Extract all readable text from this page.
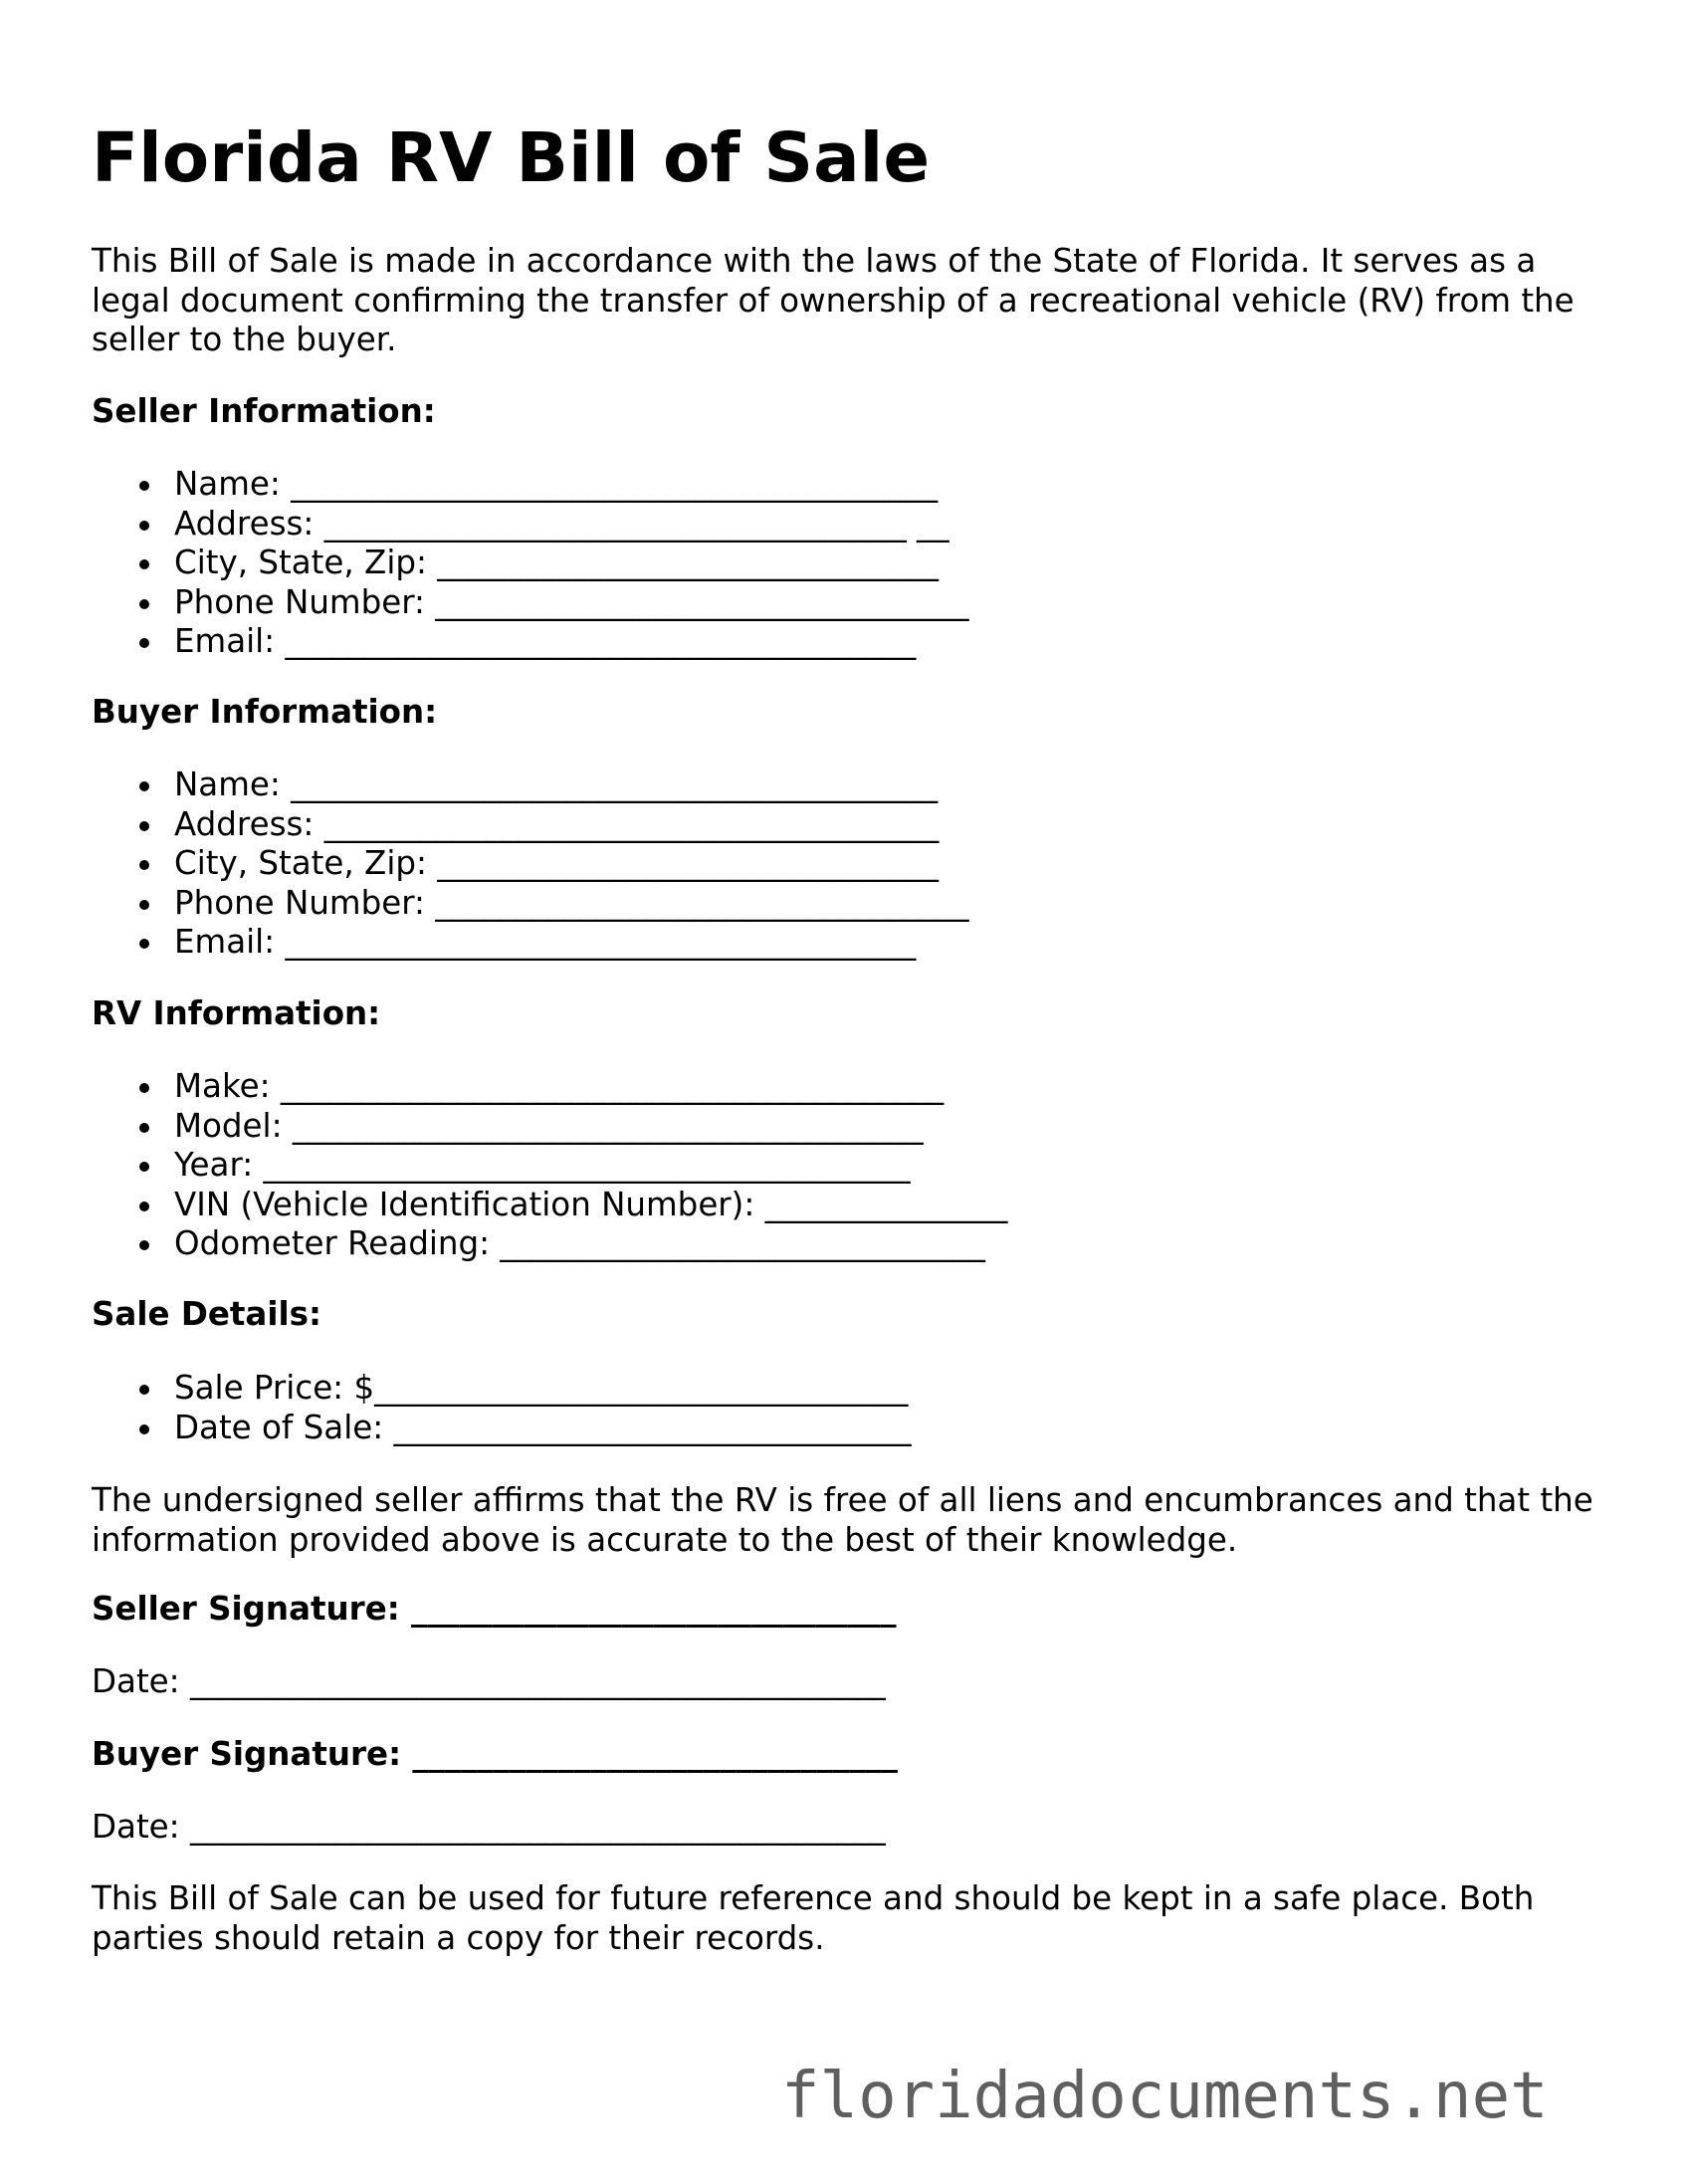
Florida RV Bill of Sale

This Bill of Sale is made in accordance with the laws of the State of Florida. It serves as a legal document confirming the transfer of ownership of a recreational vehicle (RV) from the seller to the buyer.

Seller Information:

Name: ________________________________________
Address: ____________________________________ __
City, State, Zip: _______________________________
Phone Number: _________________________________
Email: _______________________________________

Buyer Information:

Name: ________________________________________
Address: ______________________________________
City, State, Zip: _______________________________
Phone Number: _________________________________
Email: _______________________________________

RV Information:

Make: _________________________________________
Model: _______________________________________
Year: ________________________________________
VIN (Vehicle Identification Number): _______________
Odometer Reading: ______________________________

Sale Details:

Sale Price: $_________________________________
Date of Sale: ________________________________

The undersigned seller affirms that the RV is free of all liens and encumbrances and that the information provided above is accurate to the best of their knowledge.

Seller Signature: ______________________________

Date: ___________________________________________

Buyer Signature: ______________________________

Date: ___________________________________________

This Bill of Sale can be used for future reference and should be kept in a safe place. Both parties should retain a copy for their records.

floridadocuments.net
